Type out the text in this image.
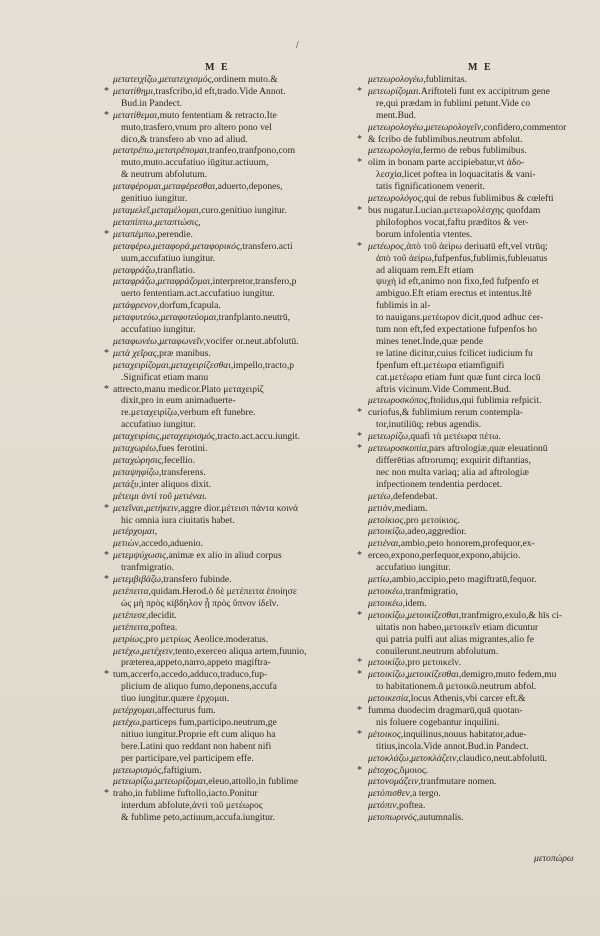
/
M E	M E
μετατειχίζω,μετατειχισμός,ordinem muto.&
* μετατίθημι,trasfcribo,id eft,trado.Vide Annot.
Bud.in Pandect.
* μετατίθεμαι,muto fententiam & retracto.Ite
muto,trasfero,vnum pro altero pono vel
dico,& transfero ab vno ad aliud.
μετατρέπω,μετατρέπομαι,tranfeo,tranfpono,com
muto,muto.accufatiuo iūgitur.actiuum,
& neutrum abfolutum.
μεταφέρομαι,μεταφέρεσθαι,aduerto,depones,
genitiuo iungitur.
μεταμελεῖ,μεταμέλομαι,curo.genitiuo iungitur.
μεταπίπτω,μεταπτώσις,
* μεταπέμπω,perendie.
μεταφέρω,μεταφορά,μεταφορικός,transfero.acti
uum,accufatiuo iungitur.
μεταφράζω,tranflatio.
μεταφράζω,μεταφράζομαι,interpretor,transfero,p
uerto fententiam.act.accufatiuo iungitur.
μετάφρενον,dorfum,fcapula.
μεταφυτεύω,μεταφυτεύομαι,tranfplanto.neutrū,
accufatiuo iungitur.
μεταφωνέω,μεταφωνεῖν,vocifer or.neut.abfolutū.
* μετὰ χεῖρας,præ manibus.
μεταχειρίζομαι,μεταχειρίζεσθαι,impello,tracto,p
.Significat etiam manu
* attrecto,manu medicor.Plato μεταχειρίζ
dixit,pro in eum animaduerte-
re.μεταχειρίζω,verbum eft funebre.
accufatiuo iungitur.
μεταχειρίσις,μεταχειρισμός,tracto.act.accu.iungit.
μεταχωρέω,fues ferotini.
μεταχώρησις,fecellio.
μεταψηφίζω,transferens.
μετάξυ,inter aliquos dixit.
μέτειμι ἀντὶ τοῦ μετιέναι.
* μετεῖναι,μετήκειν,aggre dior.μέτεισι πάντα κοινά
hic omnia iura ciuitatis habet.
μετέρχομαι,
μετιὼν,accedo,aduenio.
* μετεμψύχωσις,animæ ex alio in aliud corpus
tranfmigratio.
* μετεμβιβάζω,transfero fubinde.
μετέπειτα,quidam.Herod.ὁ δὲ μετέπειτα ἐποίησε
ὡς μὴ πρὸς κίβδηλον ᾖ πρὸς ὕπνον ἰδεῖν.
μετέπεσε,decidit.
μετέπειτα,poftea.
μετρίως,pro μετρίως Aeolice.moderatus.
μετέχω,μετέχειν,tento,exerceo aliqua artem,fuunio,
præterea,appeto,narro,appeto magiftra-
* tum,accerfo,accedo,adduco,traduco,fup-
plicium de aliquo fumo,deponens,accufa
tiuo iungitur.quære ἐρχομαι.
μετέρχομαι,affecturus fum.
μετέχω,particeps fum,participo.neutrum,ge
nitiuo iungitur.Proprie eft cum aliquo ha
bere.Latini quo reddant non habent nifi
per participare,vel participem effe.
μετεωρισμός,faftigium.
μετεωρίζω,μετεωρίζομαι,eleuo,attollo,in fublime
* traho,in fublime fuftollo,iacto.Ponitur
interdum abfolute,ἀντὶ τοῦ μετέωρος
& fublime peto,actiuum,accufa.iungitur.
μετεωρολογέω,fublimitas.
* μετεωρίζομαι.Ariftoteli funt ex accipitrum gene
re,qui prædam in fublimi petunt.Vide co
ment.Bud.
μετεωρολογέω,μετεωρολογεῖν,confidero,commentor
* & fcribo de fublimibus.neutrum abfolut.
μετεωρολογία,fermo de rebus fublimibus.
* olim in bonam parte accipiebatur,vt ἀδο-
λεσχία,licet poftea in loquacitatis & vani-
tatis fignificationem venerit.
μετεωρολόγος,qui de rebus fublimibus & cœlefti
* bus nugatur.Lucian.μετεωρολέσχης quofdam
philofophos vocat,faftu prædítos & ver-
borum infolentia vtentes.
* μετέωρος,ἀπὸ τοῦ ἀείρω deriuatū eft,vel vtrūq;
ἀπὸ τοῦ ἀείρω,fufpenfus,fublimis,fubleuatus
ad aliquam rem.Eft etiam
ψυχὴ id eft,animo non fixo,fed fufpenfo et
ambiguo.Eft etiam erectus et intentus.Itē
fublimis in al-
to nauigans.μετέωρον dicit,quod adhuc cer-
tum non eft,fed expectatione fufpenfos ho
mines tenet.Inde,quæ pende
re latine dicitur,cuius fcilicet iudicium fu
fpenfum eft.μετέωρα etiamfignifi
cat.μετέωρα etiam funt quæ funt circa locū
aftris vicinum.Vide Comment.Bud.
μετεωροσκόπος,ftolidus,qui fublimia refpicit.
* curiofus,& fublimium rerum contempla-
tor,inutiliūq; rebus agendis.
* μετεωρίζω,quafi τὰ μετέωρα πέτω.
* μετεωροσκοπία,pars aftrologiæ,quæ eleuationū
differētias aftrorumq; exquirit diftantias,
nec non multa variaq; alia ad aftrologiæ
infpectionem tendentia perdocet.
μετέω,defendebat.
μετιὸν,mediam.
μετοίκιος,pro μετοίκιος.
μετοικίζω,adeo,aggredior.
μετιέναι,ambio,peto honorem,profequor,ex-
* erceo,expono,perfequor,expono,abijcio.
accufatiuo iungitur.
μετίω,ambio,accipio,peto magiftratū,fequor.
μετοικέω,tranfmigratio,
μετοικέω,idem.
* μετοικίζω,μετοικίζεσθαι,tranfmigro,exulo,& hīs ci-
uitatis non habeo,μετοικεῖν etiam dicuntur
qui patria pulfi aut alias migrantes,alio fe
conuilerunt.neutrum abfolutum.
* μετοικίζω,pro μετοικεῖν.
* μετοικίζω,μετοικίζεσθαι,demigro,muto fedem,mu
to habitationem.ἃ μετοικῶ.neutrum abfol.
μετοικεσία,locus Athenis,vbi carcer eft.&
* fumma duodecim dragmarū,quā quotan-
nis foluere cogebantur inquilini.
* μέτοικος,inquilinus,nouus habitator,adue-
titius,incola.Vide annot.Bud.in Pandect.
μετοκλάζω,μετοκλάζειν,claudico,neut.abfolutū.
* μέτοχος,ὅμοιος.
μετονομάζειν,tranfmutare nomen.
μετόπισθεν,a tergo.
μετόπιν,poftea.
μετοπωρινός,autumnalis.
μετοπώρω
